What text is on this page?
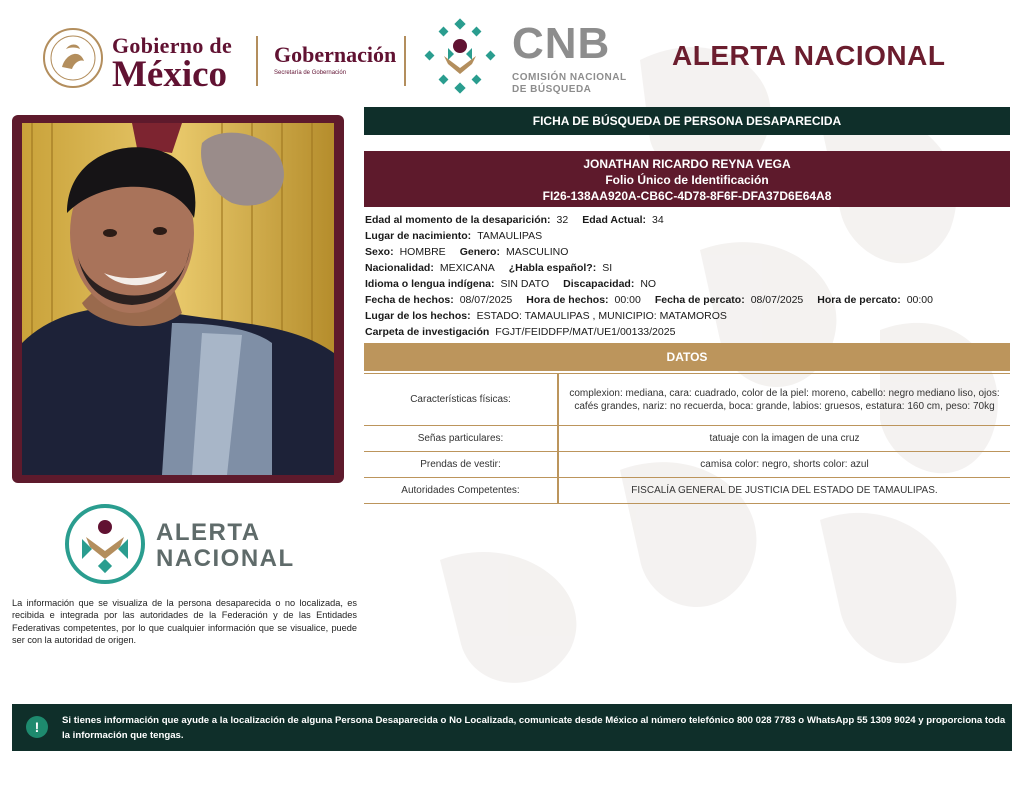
Gobierno de
México Gobernación
Secretaría de Gobernación
CNB
COMISIÓN NACIONAL
DE BÚSQUEDA
ALERTA NACIONAL
FICHA DE BÚSQUEDA DE PERSONA DESAPARECIDA
JONATHAN RICARDO REYNA VEGA
Folio Único de Identificación
FI26-138AA920A-CB6C-4D78-8F6F-DFA37D6E64A8
Edad al momento de la desaparición: 32 Edad Actual: 34
Lugar de nacimiento: TAMAULIPAS
Sexo: HOMBRE Genero: MASCULINO
Nacionalidad: MEXICANA ¿Habla español?: SI
Idioma o lengua indígena: SIN DATO Discapacidad: NO
Fecha de hechos: 08/07/2025 Hora de hechos: 00:00 Fecha de percato: 08/07/2025 Hora de percato: 00:00
Lugar de los hechos: ESTADO: TAMAULIPAS , MUNICIPIO: MATAMOROS
Carpeta de investigación FGJT/FEIDDFP/MAT/UE1/00133/2025
DATOS
Características físicas:	complexion: mediana, cara: cuadrado, color de la piel: moreno, cabello: negro mediano liso, ojos: cafés grandes, nariz: no recuerda, boca: grande, labios: gruesos, estatura: 160 cm, peso: 70kg
Señas particulares:	tatuaje con la imagen de una cruz
Prendas de vestir:	camisa color: negro, shorts color: azul
Autoridades Competentes:	FISCALÍA GENERAL DE JUSTICIA DEL ESTADO DE TAMAULIPAS.
ALERTA
NACIONAL
La información que se visualiza de la persona desaparecida o no localizada, es recibida e integrada por las autoridades de la Federación y de las Entidades Federativas competentes, por lo que cualquier información que se visualice, puede ser con la autoridad de origen.
!	Si tienes información que ayude a la localización de alguna Persona Desaparecida o No Localizada, comunicate desde México al número telefónico 800 028 7783 o WhatsApp 55 1309 9024 y proporciona toda la información que tengas.
